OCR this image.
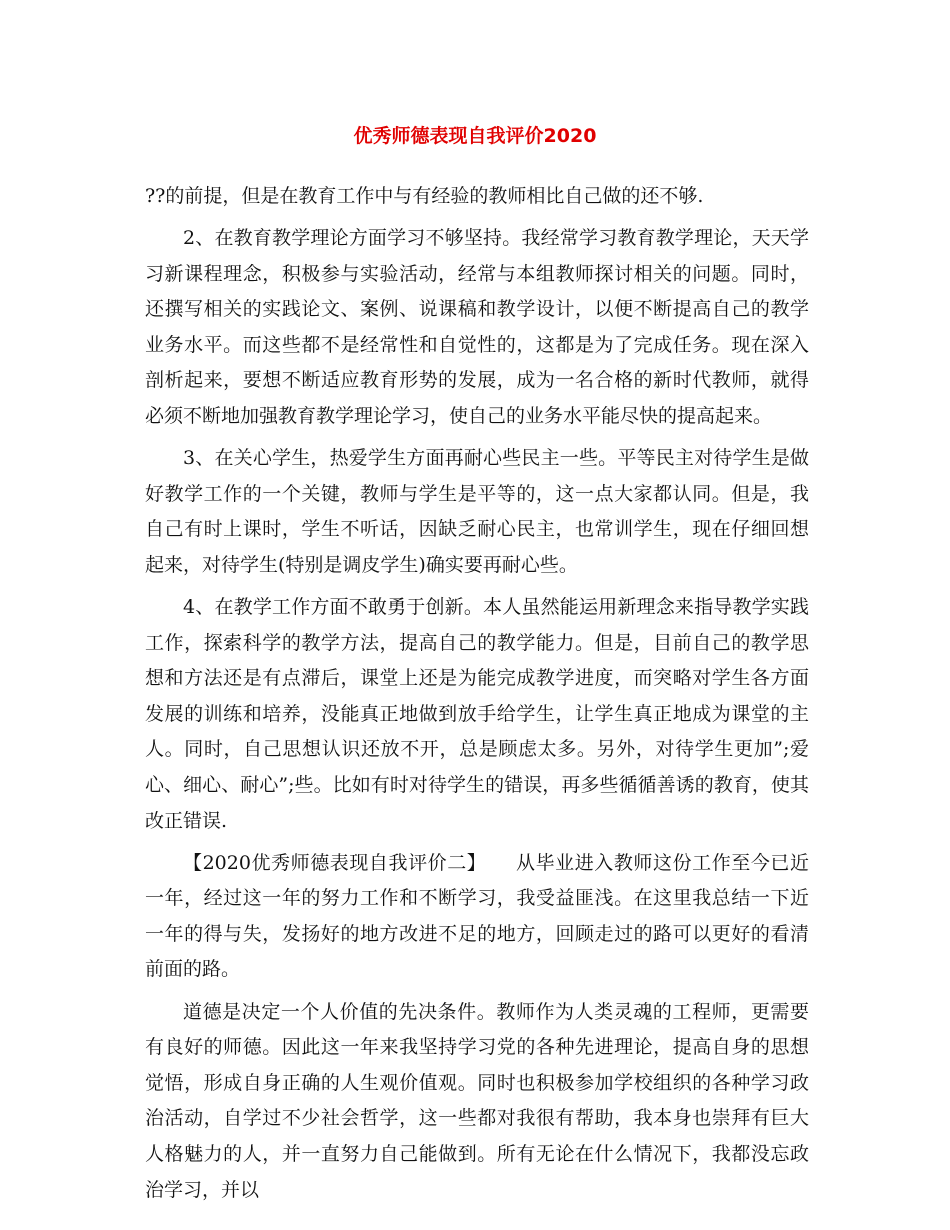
优秀师德表现自我评价2020

??的前提，但是在教育工作中与有经验的教师相比自己做的还不够.

2、在教育教学理论方面学习不够坚持。我经常学习教育教学理论，天天学习新课程理念，积极参与实验活动，经常与本组教师探讨相关的问题。同时，还撰写相关的实践论文、案例、说课稿和教学设计，以便不断提高自己的教学业务水平。而这些都不是经常性和自觉性的，这都是为了完成任务。现在深入剖析起来，要想不断适应教育形势的发展，成为一名合格的新时代教师，就得必须不断地加强教育教学理论学习，使自己的业务水平能尽快的提高起来。

3、在关心学生，热爱学生方面再耐心些民主一些。平等民主对待学生是做好教学工作的一个关键，教师与学生是平等的，这一点大家都认同。但是，我自己有时上课时，学生不听话，因缺乏耐心民主，也常训学生，现在仔细回想起来，对待学生(特别是调皮学生)确实要再耐心些。

4、在教学工作方面不敢勇于创新。本人虽然能运用新理念来指导教学实践工作，探索科学的教学方法，提高自己的教学能力。但是，目前自己的教学思想和方法还是有点滞后，课堂上还是为能完成教学进度，而突略对学生各方面发展的训练和培养，没能真正地做到放手给学生，让学生真正地成为课堂的主人。同时，自己思想认识还放不开，总是顾虑太多。另外，对待学生更加”;爱心、细心、耐心”;些。比如有时对待学生的错误，再多些循循善诱的教育，使其改正错误.

【2020优秀师德表现自我评价二】　　从毕业进入教师这份工作至今已近一年，经过这一年的努力工作和不断学习，我受益匪浅。在这里我总结一下近一年的得与失，发扬好的地方改进不足的地方，回顾走过的路可以更好的看清前面的路。

道德是决定一个人价值的先决条件。教师作为人类灵魂的工程师，更需要有良好的师德。因此这一年来我坚持学习党的各种先进理论，提高自身的思想觉悟，形成自身正确的人生观价值观。同时也积极参加学校组织的各种学习政治活动，自学过不少社会哲学，这一些都对我很有帮助，我本身也崇拜有巨大人格魅力的人，并一直努力自己能做到。所有无论在什么情况下，我都没忘政治学习，并以
